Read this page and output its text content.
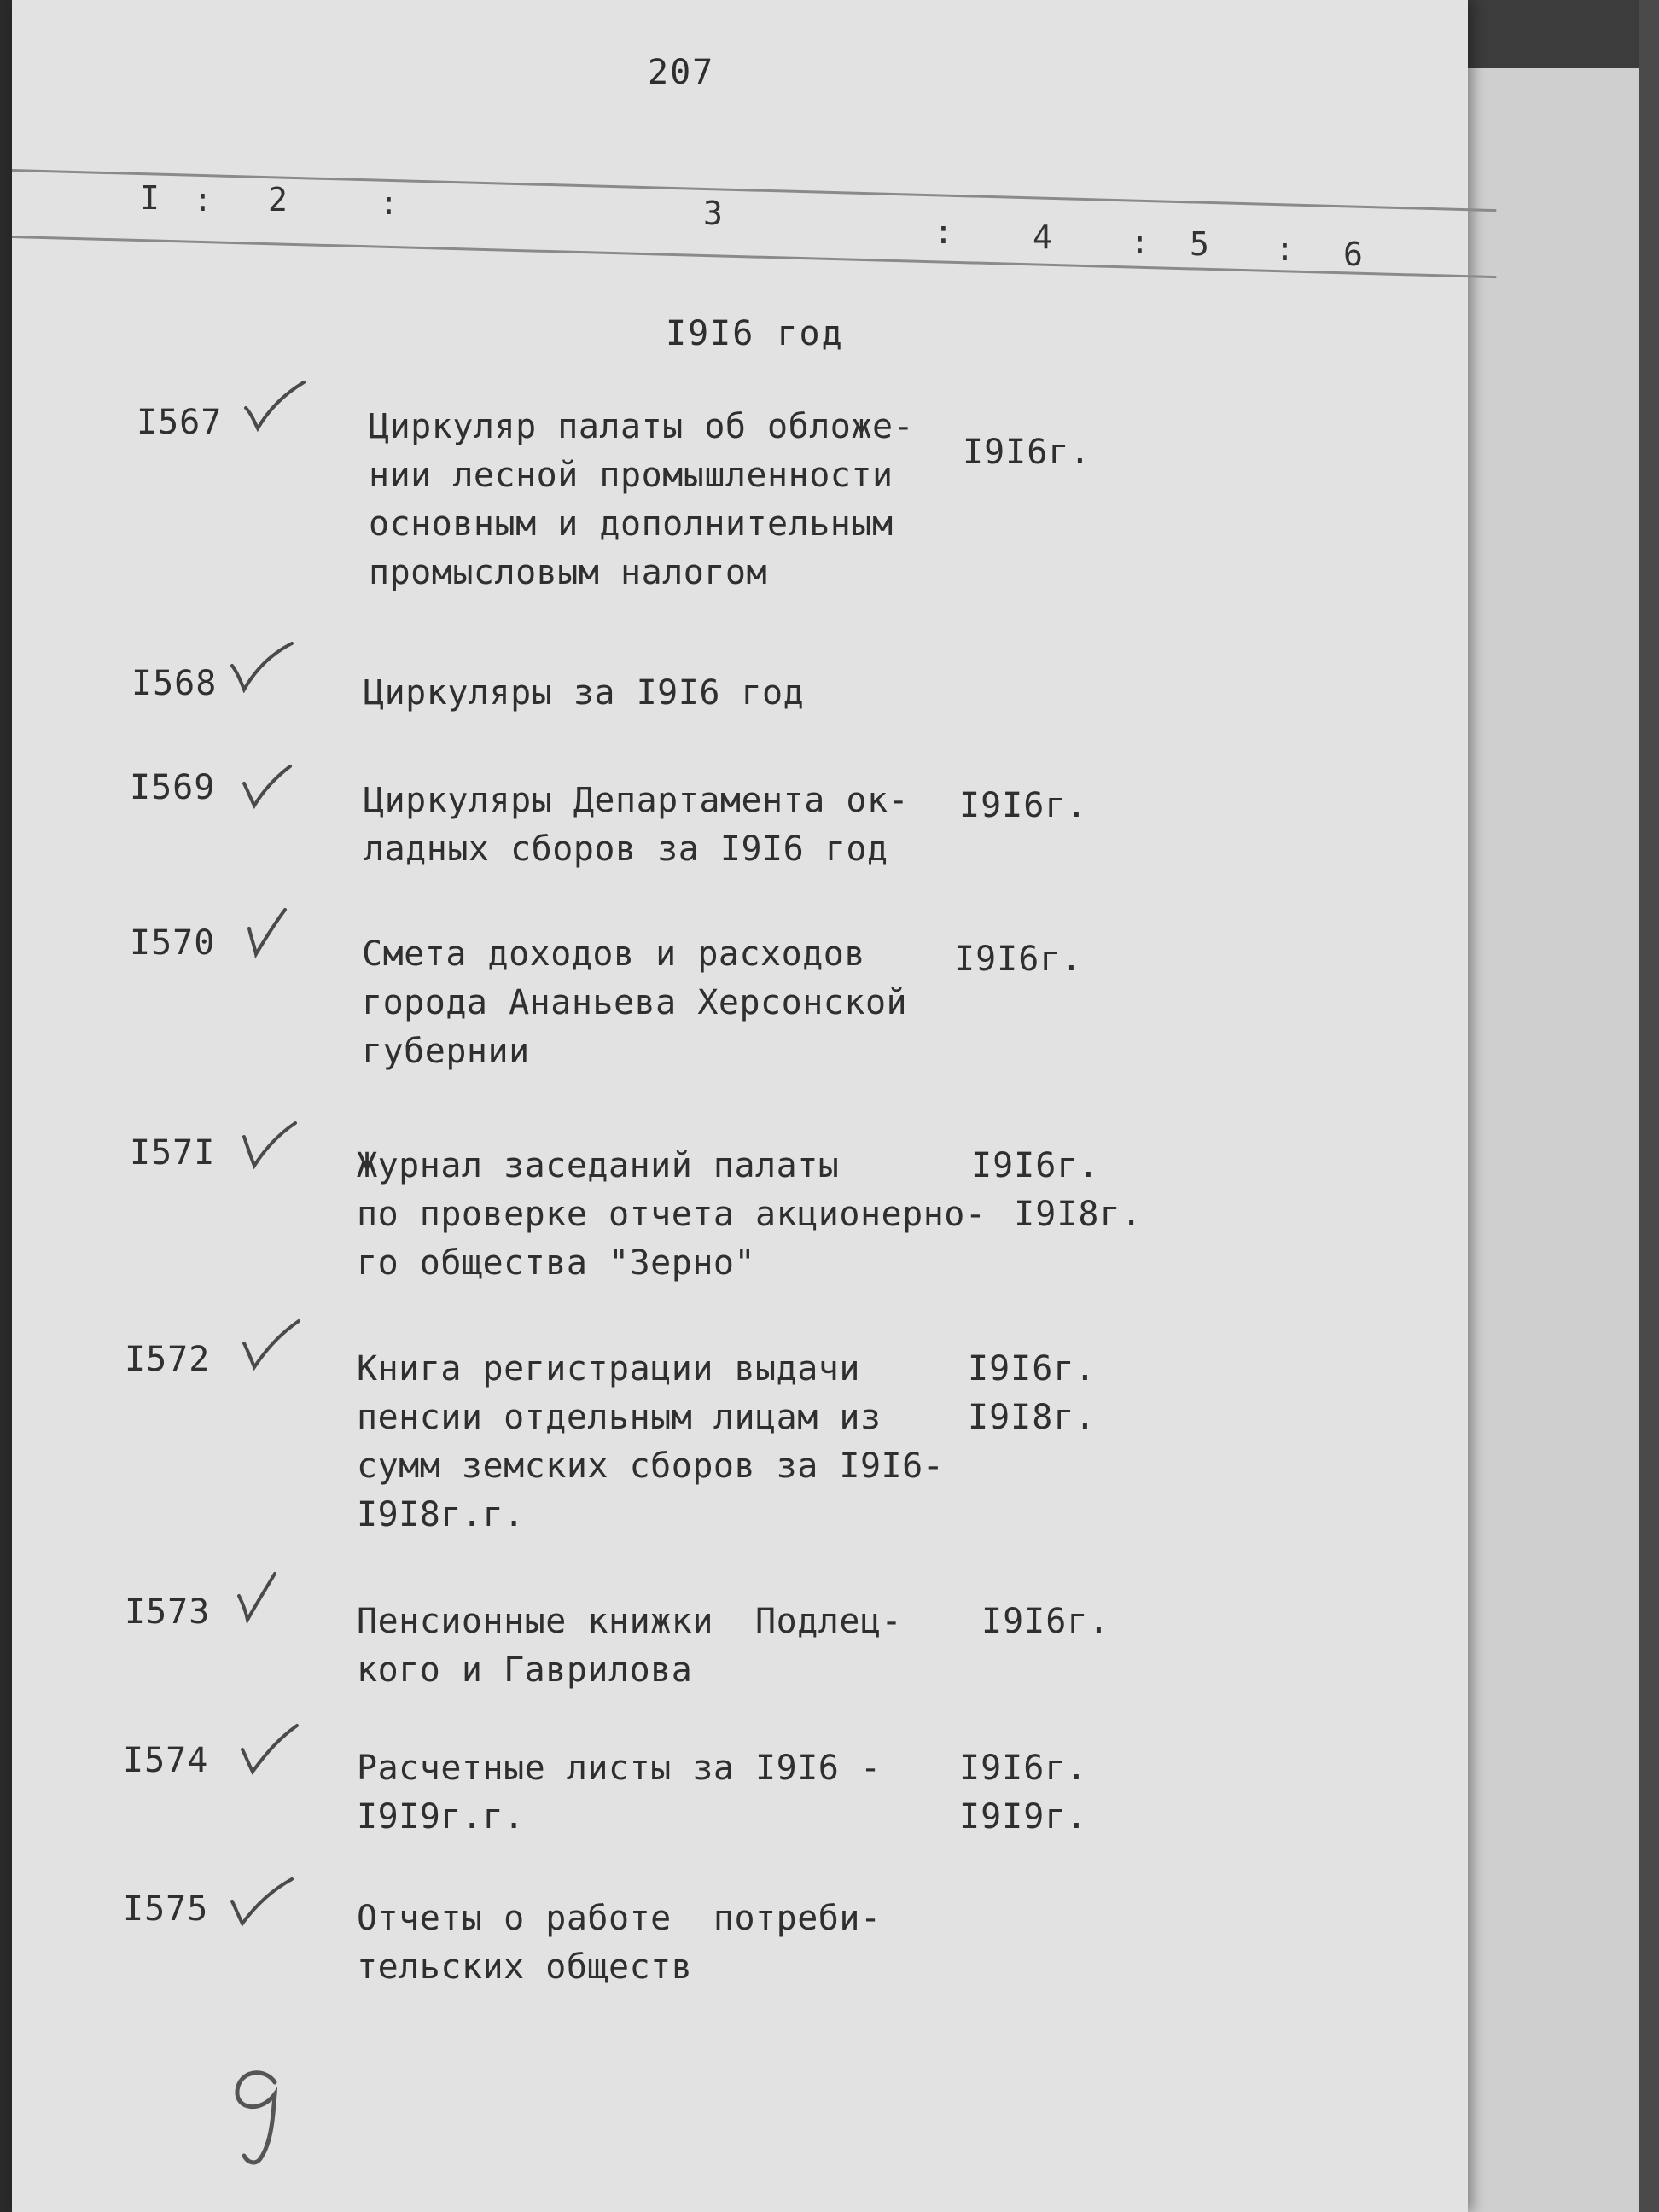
207
I : 2	:	3	: 4 : 5 : 6
I9I6 год
I567	Циркуляр палаты об обложе-
нии лесной промышленности
основным и дополнительным
промысловым налогом
I9I6г.
I568	Циркуляры за I9I6 год
I569	Циркуляры Департамента ок-
ладных сборов за I9I6 год
I9I6г.
I570	Смета доходов и расходов
города Ананьева Херсонской
губернии
I9I6г.
I57I	Журнал заседаний палаты
по проверке отчета акционерно-
го общества "Зерно"
I9I6г.
I9I8г.
I572	Книга регистрации выдачи
пенсии отдельным лицам из
сумм земских сборов за I9I6-
I9I8г.г.
I9I6г.
I9I8г.
I573	Пенсионные книжки  Подлец-
кого и Гаврилова
I9I6г.
I574	Расчетные листы за I9I6 -
I9I9г.г.
I9I6г.
I9I9г.
I575	Отчеты о работе  потреби-
тельских обществ
